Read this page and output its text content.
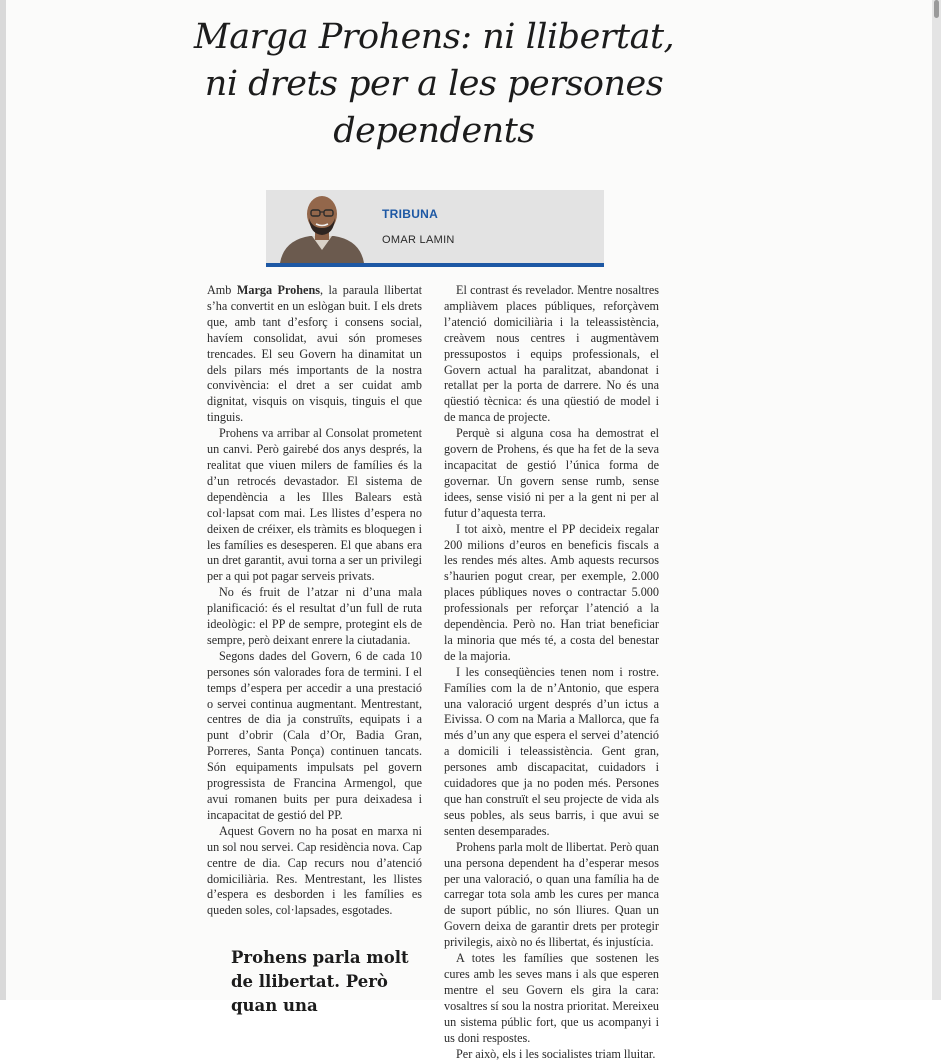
Marga Prohens: ni llibertat, ni drets per a les persones dependents
TRIBUNA
OMAR LAMIN

Amb Marga Prohens, la paraula llibertat s’ha convertit en un eslògan buit. I els drets que, amb tant d’esforç i consens social, havíem consolidat, avui són promeses trencades. El seu Govern ha dinamitat un dels pilars més importants de la nostra convivència: el dret a ser cuidat amb dignitat, visquis on visquis, tinguis el que tinguis.

Prohens va arribar al Consolat prometent un canvi. Però gairebé dos anys després, la realitat que viuen milers de famílies és la d’un retrocés devastador. El sistema de dependència a les Illes Balears està col·lapsat com mai. Les llistes d’espera no deixen de créixer, els tràmits es bloquegen i les famílies es desesperen. El que abans era un dret garantit, avui torna a ser un privilegi per a qui pot pagar serveis privats.

No és fruit de l’atzar ni d’una mala planificació: és el resultat d’un full de ruta ideològic: el PP de sempre, protegint els de sempre, però deixant enrere la ciutadania.

Segons dades del Govern, 6 de cada 10 persones són valorades fora de termini. I el temps d’espera per accedir a una prestació o servei continua augmentant. Mentrestant, centres de dia ja construïts, equipats i a punt d’obrir (Cala d’Or, Badia Gran, Porreres, Santa Ponça) continuen tancats. Són equipaments impulsats pel govern progressista de Francina Armengol, que avui romanen buits per pura deixadesa i incapacitat de gestió del PP.

Aquest Govern no ha posat en marxa ni un sol nou servei. Cap residència nova. Cap centre de dia. Cap recurs nou d’atenció domiciliària. Res. Mentrestant, les llistes d’espera es desborden i les famílies es queden soles, col·lapsades, esgotades.

El contrast és revelador. Mentre nosaltres ampliàvem places públiques, reforçàvem l’atenció domiciliària i la teleassistència, creàvem nous centres i augmentàvem pressupostos i equips professionals, el Govern actual ha paralitzat, abandonat i retallat per la porta de darrere. No és una qüestió tècnica: és una qüestió de model i de manca de projecte.

Perquè si alguna cosa ha demostrat el govern de Prohens, és que ha fet de la seva incapacitat de gestió l’única forma de governar. Un govern sense rumb, sense idees, sense visió ni per a la gent ni per al futur d’aquesta terra.

I tot això, mentre el PP decideix regalar 200 milions d’euros en beneficis fiscals a les rendes més altes. Amb aquests recursos s’haurien pogut crear, per exemple, 2.000 places públiques noves o contractar 5.000 professionals per reforçar l’atenció a la dependència. Però no. Han triat beneficiar la minoria que més té, a costa del benestar de la majoria.

I les conseqüències tenen nom i rostre. Famílies com la de n’Antonio, que espera una valoració urgent després d’un ictus a Eivissa. O com na Maria a Mallorca, que fa més d’un any que espera el servei d’atenció a domicili i teleassistència. Gent gran, persones amb discapacitat, cuidadors i cuidadores que ja no poden més. Persones que han construït el seu projecte de vida als seus pobles, als seus barris, i que avui se senten desemparades.

Prohens parla molt de llibertat. Però quan una persona dependent ha d’esperar mesos per una valoració, o quan una família ha de carregar tota sola amb les cures per manca de suport públic, no són lliures. Quan un Govern deixa de garantir drets per protegir privilegis, això no és llibertat, és injustícia.

A totes les famílies que sostenen les cures amb les seves mans i als que esperen mentre el seu Govern els gira la cara: vosaltres sí sou la nostra prioritat. Mereixeu un sistema públic fort, que us acompanyi i us doni respostes.

Per això, els i les socialistes triam lluitar.

Prohens parla molt de llibertat. Però quan una
